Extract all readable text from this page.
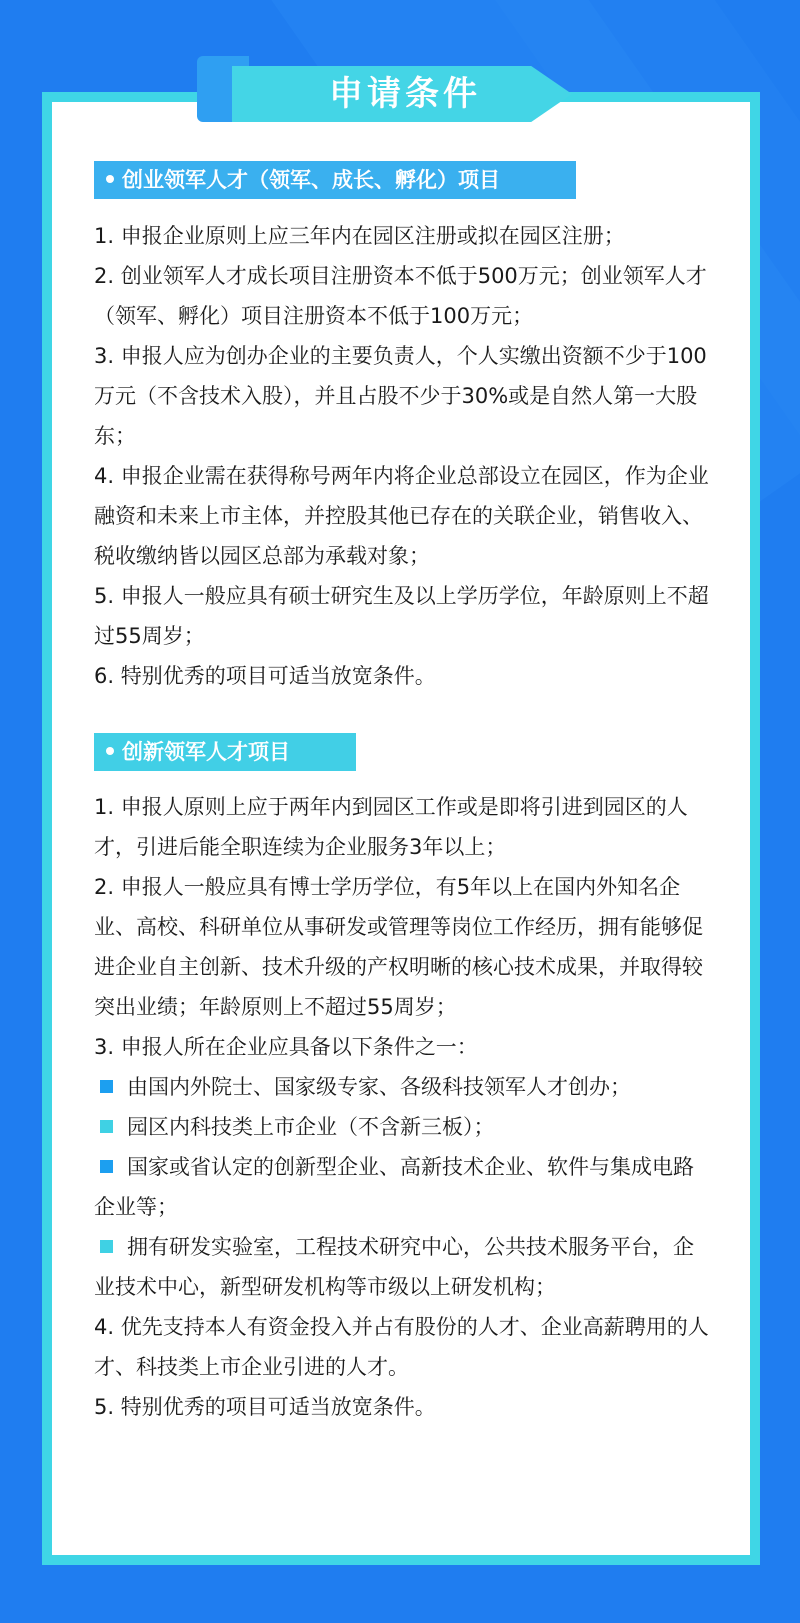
申请条件
创业领军人才（领军、成长、孵化）项目

1. 申报企业原则上应三年内在园区注册或拟在园区注册；

2. 创业领军人才成长项目注册资本不低于500万元；创业领军人才（领军、孵化）项目注册资本不低于100万元；

3. 申报人应为创办企业的主要负责人，个人实缴出资额不少于100万元（不含技术入股），并且占股不少于30%或是自然人第一大股东；

4. 申报企业需在获得称号两年内将企业总部设立在园区，作为企业融资和未来上市主体，并控股其他已存在的关联企业，销售收入、税收缴纳皆以园区总部为承载对象；

5. 申报人一般应具有硕士研究生及以上学历学位，年龄原则上不超过55周岁；

6. 特别优秀的项目可适当放宽条件。

创新领军人才项目

1. 申报人原则上应于两年内到园区工作或是即将引进到园区的人才，引进后能全职连续为企业服务3年以上；

2. 申报人一般应具有博士学历学位，有5年以上在国内外知名企业、高校、科研单位从事研发或管理等岗位工作经历，拥有能够促进企业自主创新、技术升级的产权明晰的核心技术成果，并取得较突出业绩；年龄原则上不超过55周岁；

3. 申报人所在企业应具备以下条件之一：

由国内外院士、国家级专家、各级科技领军人才创办；

园区内科技类上市企业（不含新三板）；

国家或省认定的创新型企业、高新技术企业、软件与集成电路企业等；

拥有研发实验室，工程技术研究中心，公共技术服务平台，企业技术中心，新型研发机构等市级以上研发机构；

4. 优先支持本人有资金投入并占有股份的人才、企业高薪聘用的人才、科技类上市企业引进的人才。

5. 特别优秀的项目可适当放宽条件。
